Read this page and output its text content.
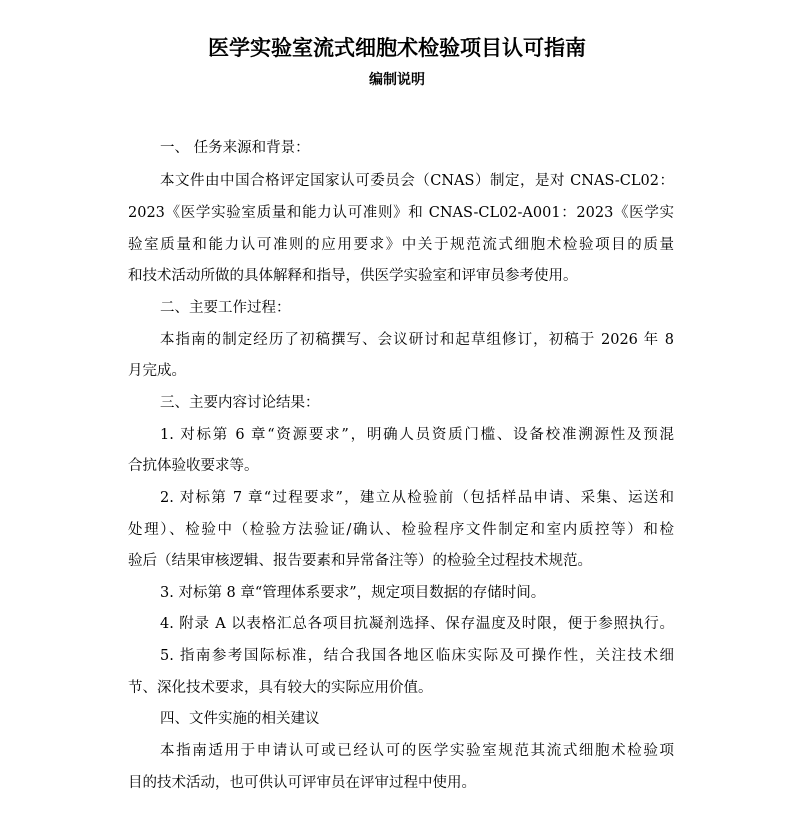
医学实验室流式细胞术检验项目认可指南
编制说明
一、 任务来源和背景：
本文件由中国合格评定国家认可委员会（CNAS）制定，是对 CNAS-CL02：
2023《医学实验室质量和能力认可准则》和 CNAS-CL02-A001：2023《医学实
验室质量和能力认可准则的应用要求》中关于规范流式细胞术检验项目的质量
和技术活动所做的具体解释和指导，供医学实验室和评审员参考使用。
二、主要工作过程：
本指南的制定经历了初稿撰写、会议研讨和起草组修订，初稿于 2026 年 8
月完成。
三、主要内容讨论结果：
1. 对标第 6 章“资源要求”，明确人员资质门槛、设备校准溯源性及预混
合抗体验收要求等。
2. 对标第 7 章“过程要求”，建立从检验前（包括样品申请、采集、运送和
处理）、检验中（检验方法验证/确认、检验程序文件制定和室内质控等）和检
验后（结果审核逻辑、报告要素和异常备注等）的检验全过程技术规范。
3. 对标第 8 章“管理体系要求”，规定项目数据的存储时间。
4. 附录 A 以表格汇总各项目抗凝剂选择、保存温度及时限，便于参照执行。
5. 指南参考国际标准，结合我国各地区临床实际及可操作性，关注技术细
节、深化技术要求，具有较大的实际应用价值。
四、文件实施的相关建议
本指南适用于申请认可或已经认可的医学实验室规范其流式细胞术检验项
目的技术活动，也可供认可评审员在评审过程中使用。
